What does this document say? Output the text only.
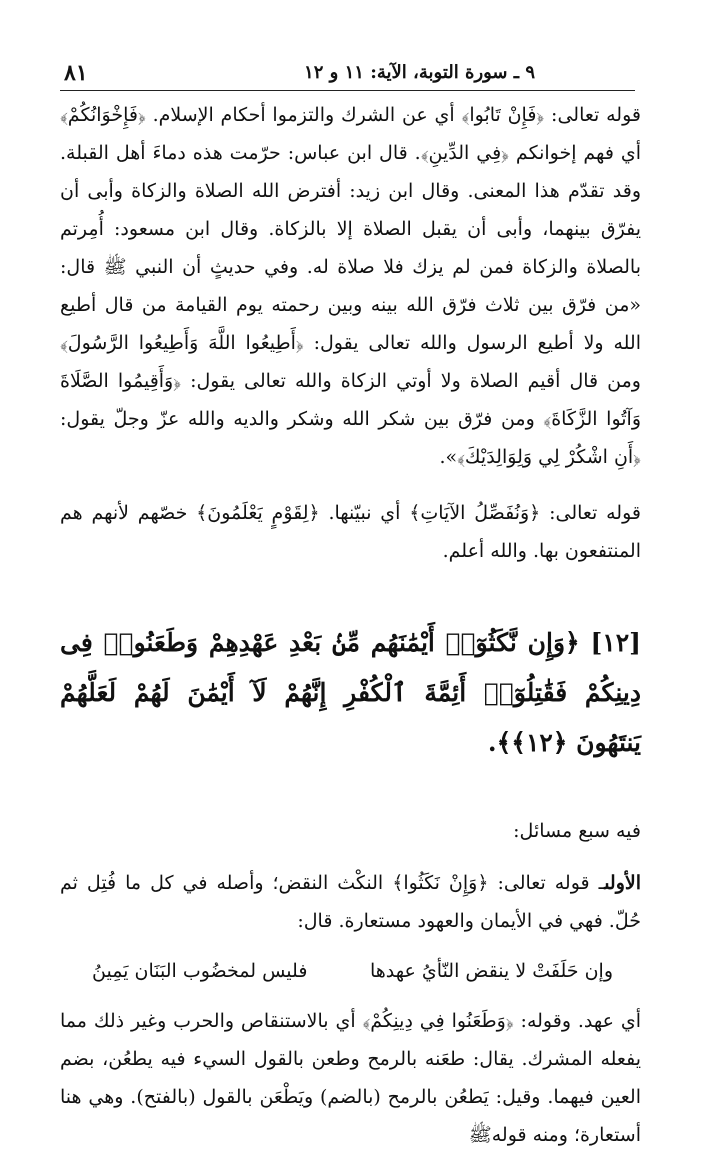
٨١	٩ ـ سورة التوبة، الآية: ١١ و ١٢

قوله تعالى: ﴿فَإِنْ تَابُوا﴾ أي عن الشرك والتزموا أحكام الإسلام. ﴿فَإِخْوَانُكُمْ﴾ أي فهم إخوانكم ﴿فِي الدِّينِ﴾. قال ابن عباس: حرّمت هذه دماءَ أهل القبلة. وقد تقدّم هذا المعنى. وقال ابن زيد: أفترض الله الصلاة والزكاة وأبى أن يفرّق بينهما، وأبى أن يقبل الصلاة إلا بالزكاة. وقال ابن مسعود: أُمِرتم بالصلاة والزكاة فمن لم يزك فلا صلاة له. وفي حديثٍ أن النبي ﷺ قال: «من فرّق بين ثلاث فرّق الله بينه وبين رحمته يوم القيامة من قال أطيع الله ولا أطيع الرسول والله تعالى يقول: ﴿أَطِيعُوا اللَّهَ وَأَطِيعُوا الرَّسُولَ﴾ ومن قال أقيم الصلاة ولا أوتي الزكاة والله تعالى يقول: ﴿وَأَقِيمُوا الصَّلَاةَ وَآتُوا الزَّكَاةَ﴾ ومن فرّق بين شكر الله وشكر والديه والله عزّ وجلّ يقول: ﴿أَنِ اشْكُرْ لِي وَلِوَالِدَيْكَ﴾».

قوله تعالى: ﴿وَنُفَصِّلُ الآيَاتِ﴾ أي نبيّنها. ﴿لِقَوْمٍ يَعْلَمُونَ﴾ خصّهم لأنهم هم المنتفعون بها. والله أعلم.

[١٢] ﴿وَإِن نَّكَثُوٓا۟ أَيْمَٰنَهُم مِّنۢ بَعْدِ عَهْدِهِمْ وَطَعَنُوا۟ فِى دِينِكُمْ فَقَٰتِلُوٓا۟ أَئِمَّةَ ٱلْكُفْرِ إِنَّهُمْ لَآ أَيْمَٰنَ لَهُمْ لَعَلَّهُمْ يَنتَهُونَ ﴿١٢﴾﴾.

فيه سبع مسائل:

الأولىـ قوله تعالى: ﴿وَإِنْ نَكَثُوا﴾ النكْث النقض؛ وأصله في كل ما فُتِل ثم حُلّ. فهي في الأيمان والعهود مستعارة. قال:

وإن حَلَفَتْ لا ينقض النّأيُ عهدها
فليس لمخضُوب البَنَان يَمِينُ

أي عهد. وقوله: ﴿وَطَعَنُوا فِي دِينِكُمْ﴾ أي بالاستنقاص والحرب وغير ذلك مما يفعله المشرك. يقال: طعَنه بالرمح وطعن بالقول السيء فيه يطعُن، بضم العين فيهما. وقيل: يَطعُن بالرمح (بالضم) ويَطْعَن بالقول (بالفتح). وهي هنا أستعارة؛ ومنه قولهﷺ
